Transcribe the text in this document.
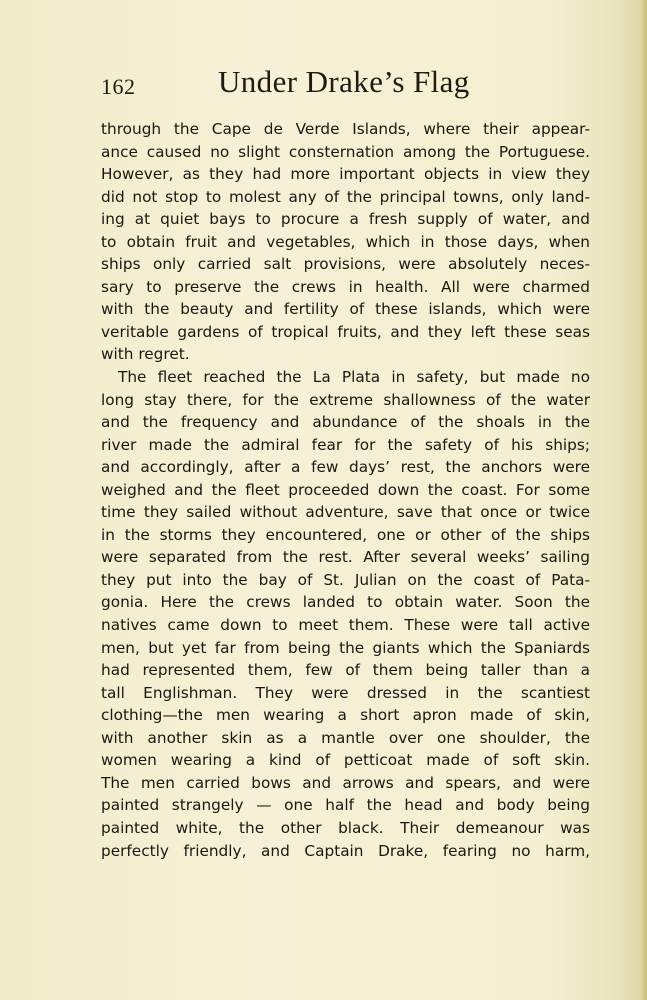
162	Under Drake’s Flag
through the Cape de Verde Islands, where their appear-
ance caused no slight consternation among the Portuguese.
However, as they had more important objects in view they
did not stop to molest any of the principal towns, only land-
ing at quiet bays to procure a fresh supply of water, and
to obtain fruit and vegetables, which in those days, when
ships only carried salt provisions, were absolutely neces-
sary to preserve the crews in health. All were charmed
with the beauty and fertility of these islands, which were
veritable gardens of tropical fruits, and they left these seas
with regret.
The fleet reached the La Plata in safety, but made no
long stay there, for the extreme shallowness of the water
and the frequency and abundance of the shoals in the
river made the admiral fear for the safety of his ships;
and accordingly, after a few days’ rest, the anchors were
weighed and the fleet proceeded down the coast. For some
time they sailed without adventure, save that once or twice
in the storms they encountered, one or other of the ships
were separated from the rest. After several weeks’ sailing
they put into the bay of St. Julian on the coast of Pata-
gonia. Here the crews landed to obtain water. Soon the
natives came down to meet them. These were tall active
men, but yet far from being the giants which the Spaniards
had represented them, few of them being taller than a
tall Englishman. They were dressed in the scantiest
clothing—the men wearing a short apron made of skin,
with another skin as a mantle over one shoulder, the
women wearing a kind of petticoat made of soft skin.
The men carried bows and arrows and spears, and were
painted strangely — one half the head and body being
painted white, the other black. Their demeanour was
perfectly friendly, and Captain Drake, fearing no harm,
